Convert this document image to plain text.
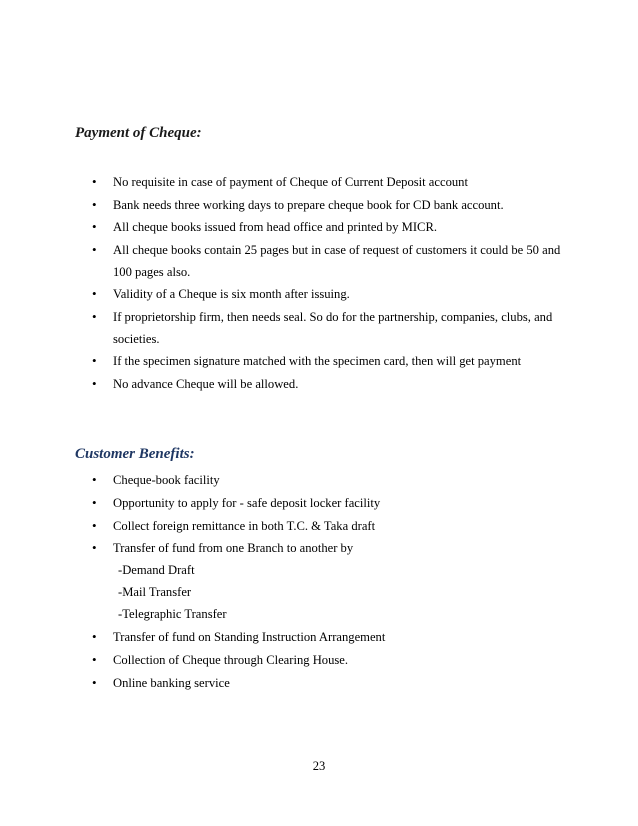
Payment of Cheque:
• No requisite in case of payment of Cheque of Current Deposit account
• Bank needs three working days to prepare cheque book for CD bank account.
• All cheque books issued from head office and printed by MICR.
• All cheque books contain 25 pages but in case of request of customers it could be 50 and
100 pages also.
• Validity of a Cheque is six month after issuing.
• If proprietorship firm, then needs seal. So do for the partnership, companies, clubs, and
societies.
• If the specimen signature matched with the specimen card, then will get payment
• No advance Cheque will be allowed.
Customer Benefits:
• Cheque-book facility
• Opportunity to apply for - safe deposit locker facility
• Collect foreign remittance in both T.C. & Taka draft
• Transfer of fund from one Branch to another by
-Demand Draft
-Mail Transfer
-Telegraphic Transfer
• Transfer of fund on Standing Instruction Arrangement
• Collection of Cheque through Clearing House.
• Online banking service
23
